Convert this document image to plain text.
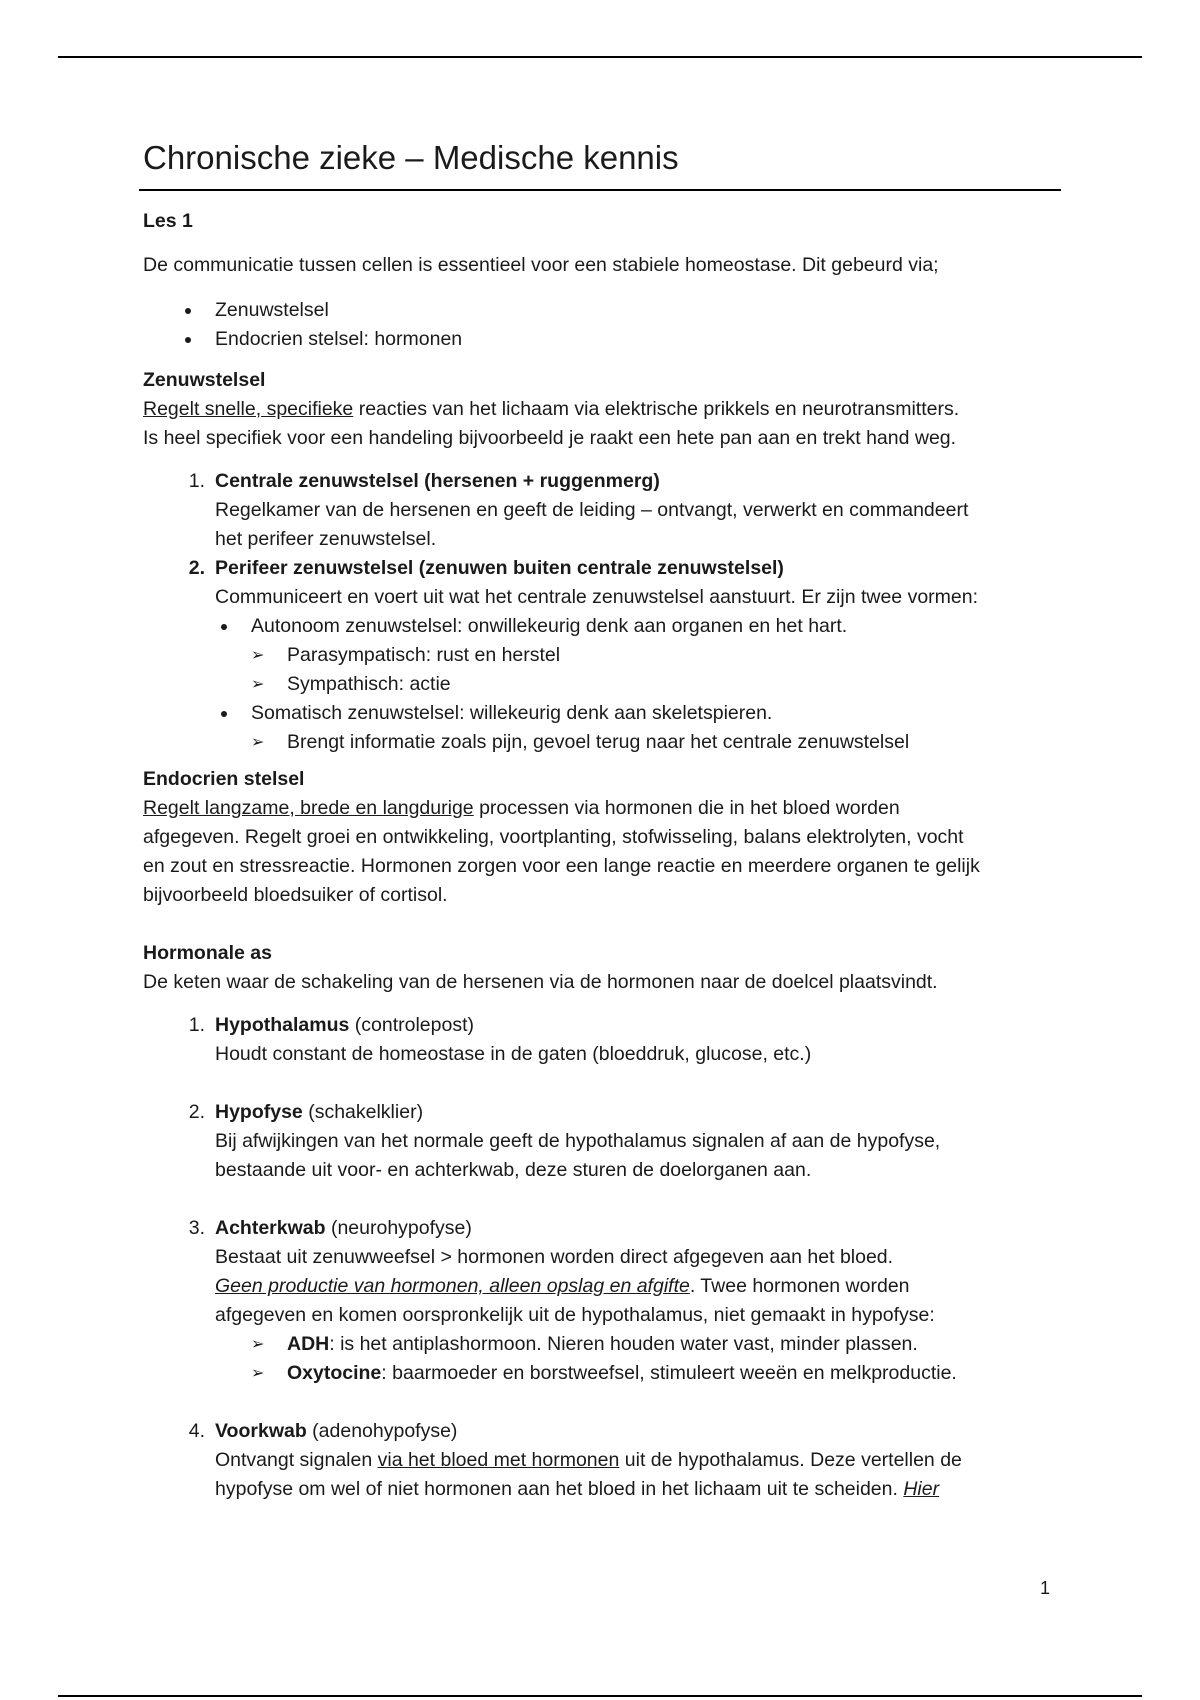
Chronische zieke – Medische kennis

Les 1

De communicatie tussen cellen is essentieel voor een stabiele homeostase. Dit gebeurd via;

Zenuwstelsel
Endocrien stelsel: hormonen

Zenuwstelsel

Regelt snelle, specifieke reacties van het lichaam via elektrische prikkels en neurotransmitters.

Is heel specifiek voor een handeling bijvoorbeeld je raakt een hete pan aan en trekt hand weg.

1. Centrale zenuwstelsel (hersenen + ruggenmerg)
Regelkamer van de hersenen en geeft de leiding – ontvangt, verwerkt en commandeert
het perifeer zenuwstelsel.
2. Perifeer zenuwstelsel (zenuwen buiten centrale zenuwstelsel)
Communiceert en voert uit wat het centrale zenuwstelsel aanstuurt. Er zijn twee vormen:
Autonoom zenuwstelsel: onwillekeurig denk aan organen en het hart.
➢	Parasympatisch: rust en herstel
➢	Sympathisch: actie
Somatisch zenuwstelsel: willekeurig denk aan skeletspieren.
➢	Brengt informatie zoals pijn, gevoel terug naar het centrale zenuwstelsel

Endocrien stelsel

Regelt langzame, brede en langdurige processen via hormonen die in het bloed worden

afgegeven. Regelt groei en ontwikkeling, voortplanting, stofwisseling, balans elektrolyten, vocht

en zout en stressreactie. Hormonen zorgen voor een lange reactie en meerdere organen te gelijk

bijvoorbeeld bloedsuiker of cortisol.

Hormonale as

De keten waar de schakeling van de hersenen via de hormonen naar de doelcel plaatsvindt.

1. Hypothalamus (controlepost)
Houdt constant de homeostase in de gaten (bloeddruk, glucose, etc.)
2. Hypofyse (schakelklier)
Bij afwijkingen van het normale geeft de hypothalamus signalen af aan de hypofyse,
bestaande uit voor- en achterkwab, deze sturen de doelorganen aan.
3. Achterkwab (neurohypofyse)
Bestaat uit zenuwweefsel > hormonen worden direct afgegeven aan het bloed.
Geen productie van hormonen, alleen opslag en afgifte. Twee hormonen worden
afgegeven en komen oorspronkelijk uit de hypothalamus, niet gemaakt in hypofyse:
➢	ADH: is het antiplashormoon. Nieren houden water vast, minder plassen.
➢	Oxytocine: baarmoeder en borstweefsel, stimuleert weeën en melkproductie.
4. Voorkwab (adenohypofyse)
Ontvangt signalen via het bloed met hormonen uit de hypothalamus. Deze vertellen de
hypofyse om wel of niet hormonen aan het bloed in het lichaam uit te scheiden. Hier
1
